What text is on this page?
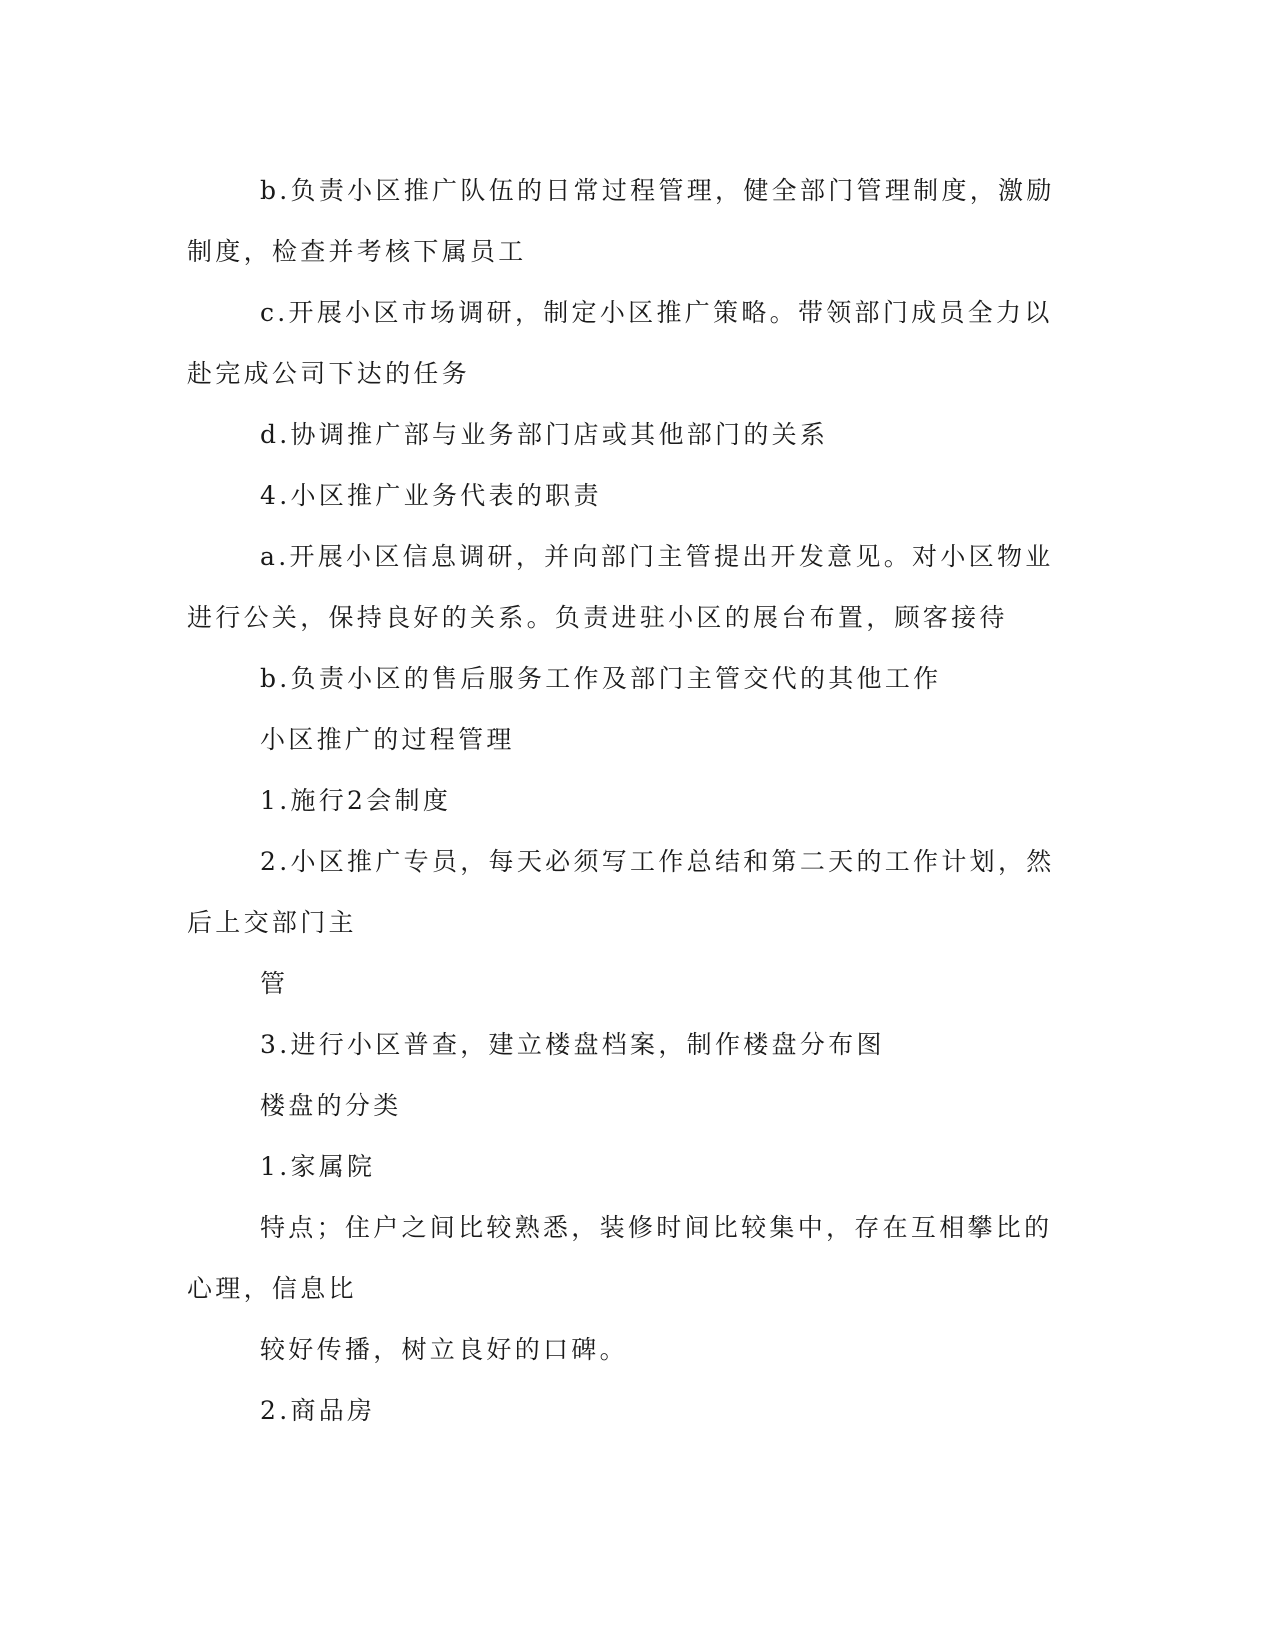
b.负责小区推广队伍的日常过程管理，健全部门管理制度，激励

制度，检查并考核下属员工

c.开展小区市场调研，制定小区推广策略。带领部门成员全力以

赴完成公司下达的任务

d.协调推广部与业务部门店或其他部门的关系

4.小区推广业务代表的职责

a.开展小区信息调研，并向部门主管提出开发意见。对小区物业

进行公关，保持良好的关系。负责进驻小区的展台布置，顾客接待

b.负责小区的售后服务工作及部门主管交代的其他工作

小区推广的过程管理

1.施行2会制度

2.小区推广专员，每天必须写工作总结和第二天的工作计划，然

后上交部门主

管

3.进行小区普查，建立楼盘档案，制作楼盘分布图

楼盘的分类

1.家属院

特点；住户之间比较熟悉，装修时间比较集中，存在互相攀比的

心理，信息比

较好传播，树立良好的口碑。

2.商品房
